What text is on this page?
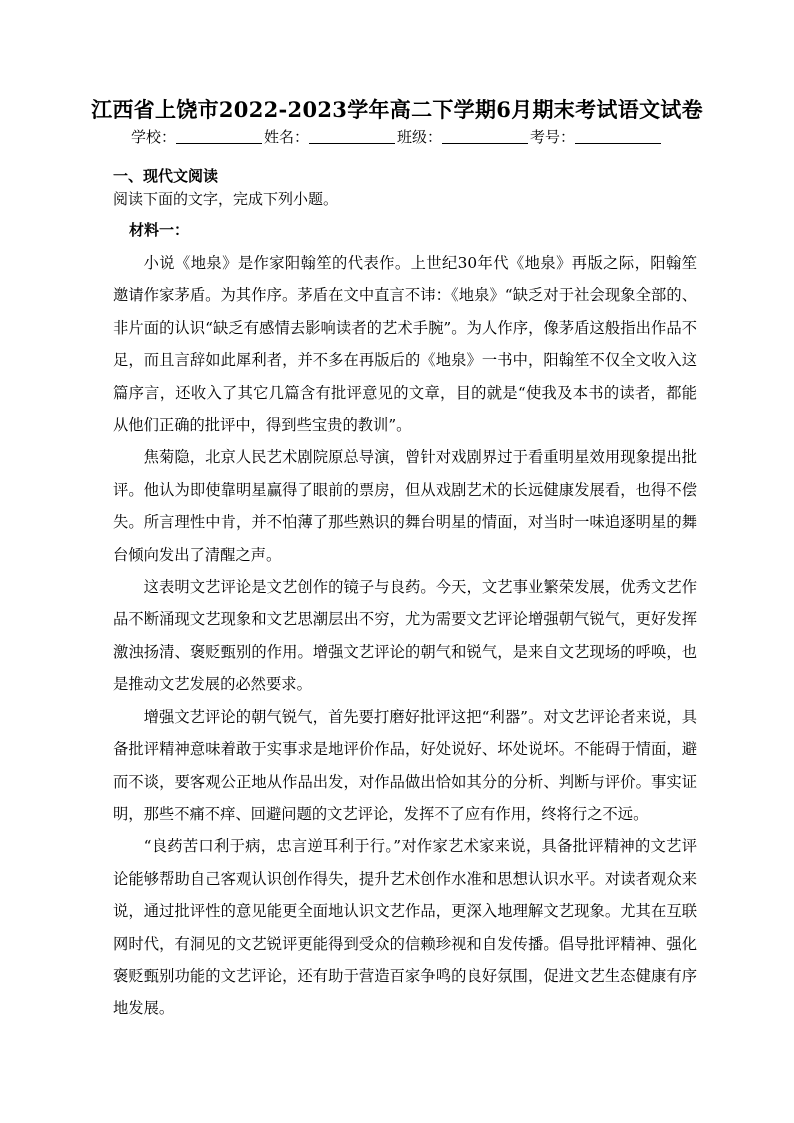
江西省上饶市2022-2023学年高二下学期6月期末考试语文试卷
学校：	姓名：	班级：	考号：
一、现代文阅读
阅读下面的文字，完成下列小题。
材料一：

小说《地泉》是作家阳翰笙的代表作。上世纪30年代《地泉》再版之际，阳翰笙邀请作家茅盾。为其作序。茅盾在文中直言不讳：《地泉》“缺乏对于社会现象全部的、非片面的认识“缺乏有感情去影响读者的艺术手腕”。为人作序，像茅盾这般指出作品不足，而且言辞如此犀利者，并不多在再版后的《地泉》一书中，阳翰笙不仅全文收入这篇序言，还收入了其它几篇含有批评意见的文章，目的就是“使我及本书的读者，都能从他们正确的批评中，得到些宝贵的教训”。

焦菊隐，北京人民艺术剧院原总导演，曾针对戏剧界过于看重明星效用现象提出批评。他认为即使靠明星赢得了眼前的票房，但从戏剧艺术的长远健康发展看，也得不偿失。所言理性中肯，并不怕薄了那些熟识的舞台明星的情面，对当时一味追逐明星的舞台倾向发出了清醒之声。

这表明文艺评论是文艺创作的镜子与良药。今天，文艺事业繁荣发展，优秀文艺作品不断涌现文艺现象和文艺思潮层出不穷，尤为需要文艺评论增强朝气锐气，更好发挥激浊扬清、褒贬甄别的作用。增强文艺评论的朝气和锐气，是来自文艺现场的呼唤，也是推动文艺发展的必然要求。

增强文艺评论的朝气锐气，首先要打磨好批评这把“利器”。对文艺评论者来说，具备批评精神意味着敢于实事求是地评价作品，好处说好、坏处说坏。不能碍于情面，避而不谈，要客观公正地从作品出发，对作品做出恰如其分的分析、判断与评价。事实证明，那些不痛不痒、回避问题的文艺评论，发挥不了应有作用，终将行之不远。

“良药苦口利于病，忠言逆耳利于行。”对作家艺术家来说，具备批评精神的文艺评论能够帮助自己客观认识创作得失，提升艺术创作水准和思想认识水平。对读者观众来说，通过批评性的意见能更全面地认识文艺作品，更深入地理解文艺现象。尤其在互联网时代，有洞见的文艺锐评更能得到受众的信赖珍视和自发传播。倡导批评精神、强化褒贬甄别功能的文艺评论，还有助于营造百家争鸣的良好氛围，促进文艺生态健康有序地发展。
